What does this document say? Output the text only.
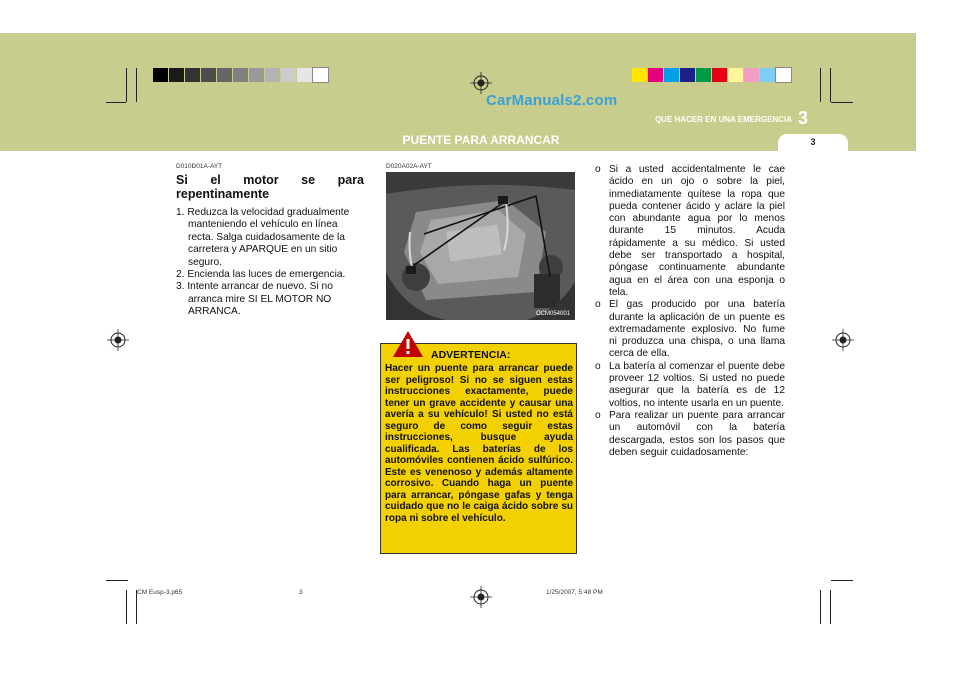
CarManuals2.com
QUE HACER EN UNA EMERGENCIA 3
PUENTE PARA ARRANCAR	3
D010D01A-AYT
Si el motor se para
repentinamente
1. Reduzca la velocidad gradualmente manteniendo el vehículo en línea recta. Salga cuidadosamente de la carretera y APARQUE en un sitio seguro.
2. Encienda las luces de emergencia.
3. Intente arrancar de nuevo. Si no arranca mire SI EL MOTOR NO ARRANCA.
D020A02A-AYT
OCM054001
ADVERTENCIA:
Hacer un puente para arrancar puede ser peligroso! Si no se siguen estas instrucciones exactamente, puede tener un grave accidente y causar una avería a su vehículo! Si usted no está seguro de como seguir estas instrucciones, busque ayuda cualificada. Las baterías de los automóviles contienen ácido sulfúrico. Este es venenoso y además altamente corrosivo. Cuando haga un puente para arrancar, póngase gafas y tenga cuidado que no le caiga ácido sobre su ropa ni sobre el vehículo.
o Si a usted accidentalmente le cae ácido en un ojo o sobre la piel, inmediatamente quítese la ropa que pueda contener ácido y aclare la piel con abundante agua por lo menos durante 15 minutos. Acuda rápidamente a su médico. Si usted debe ser transportado a hospital, póngase continuamente abundante agua en el área con una esponja o tela.
o El gas producido por una batería durante la aplicación de un puente es extremadamente explosivo. No fume ni produzca una chispa, o una llama cerca de ella.
o La batería al comenzar el puente debe proveer 12 voltios. Si usted no puede asegurar que la batería es de 12 voltios, no intente usarla en un puente.
o Para realizar un puente para arrancar un automóvil con la batería descargada, estos son los pasos que deben seguir cuidadosamente:
CM Eusp-3.p65	3	1/25/2007, 5:48 PM
